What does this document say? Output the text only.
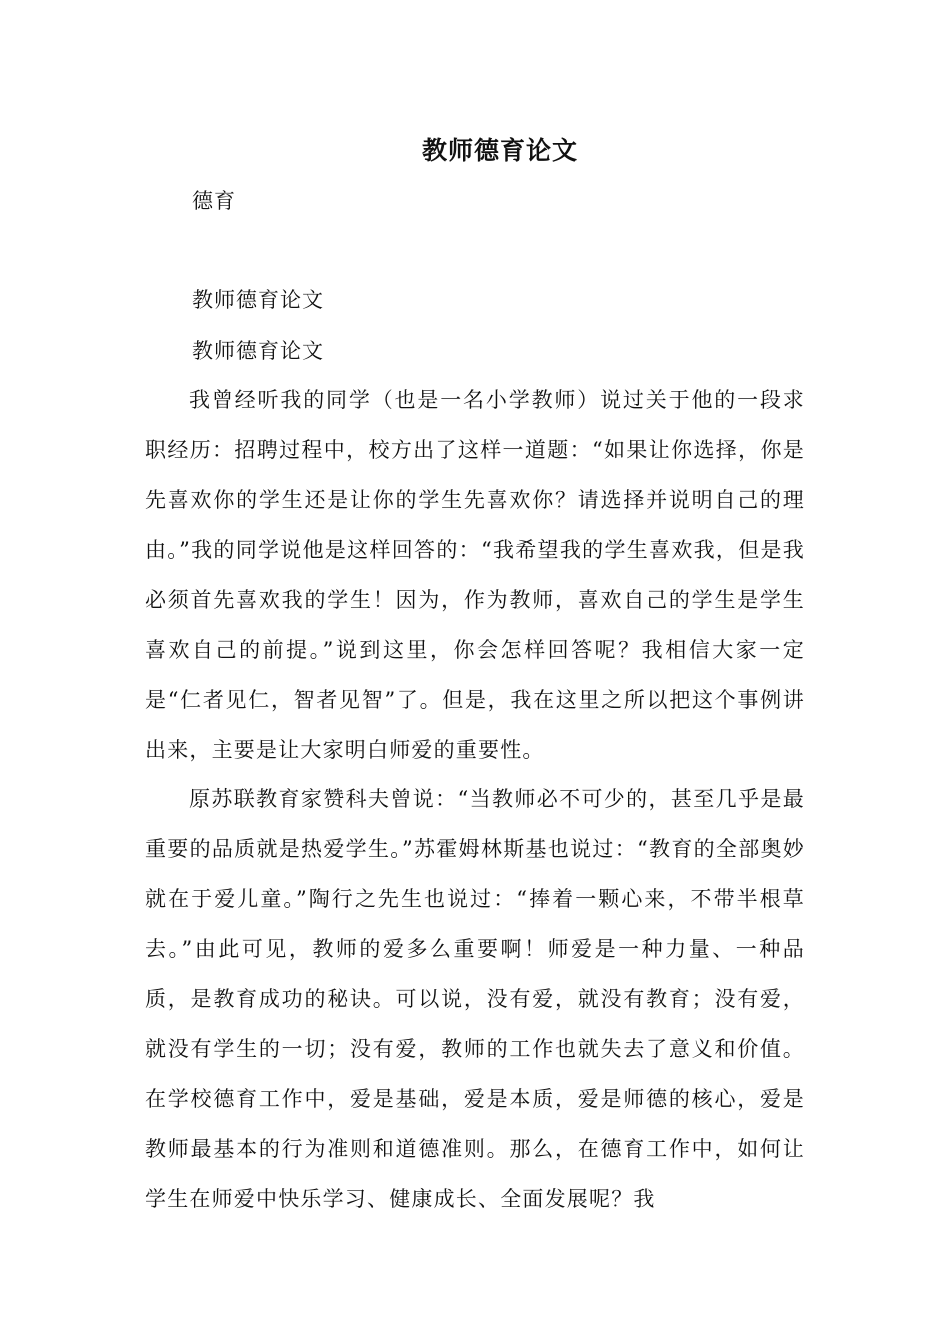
教师德育论文
德育
教师德育论文
教师德育论文

我曾经听我的同学（也是一名小学教师）说过关于他的一段求职经历：招聘过程中，校方出了这样一道题：“如果让你选择，你是先喜欢你的学生还是让你的学生先喜欢你？请选择并说明自己的理由。”我的同学说他是这样回答的：“我希望我的学生喜欢我，但是我必须首先喜欢我的学生！因为，作为教师，喜欢自己的学生是学生喜欢自己的前提。”说到这里，你会怎样回答呢？我相信大家一定是“仁者见仁，智者见智”了。但是，我在这里之所以把这个事例讲出来，主要是让大家明白师爱的重要性。

原苏联教育家赞科夫曾说：“当教师必不可少的，甚至几乎是最重要的品质就是热爱学生。”苏霍姆林斯基也说过：“教育的全部奥妙就在于爱儿童。”陶行之先生也说过：“捧着一颗心来，不带半根草去。”由此可见，教师的爱多么重要啊！师爱是一种力量、一种品质，是教育成功的秘诀。可以说，没有爱，就没有教育；没有爱，就没有学生的一切；没有爱，教师的工作也就失去了意义和价值。在学校德育工作中，爱是基础，爱是本质，爱是师德的核心，爱是教师最基本的行为准则和道德准则。那么，在德育工作中，如何让学生在师爱中快乐学习、健康成长、全面发展呢？我
